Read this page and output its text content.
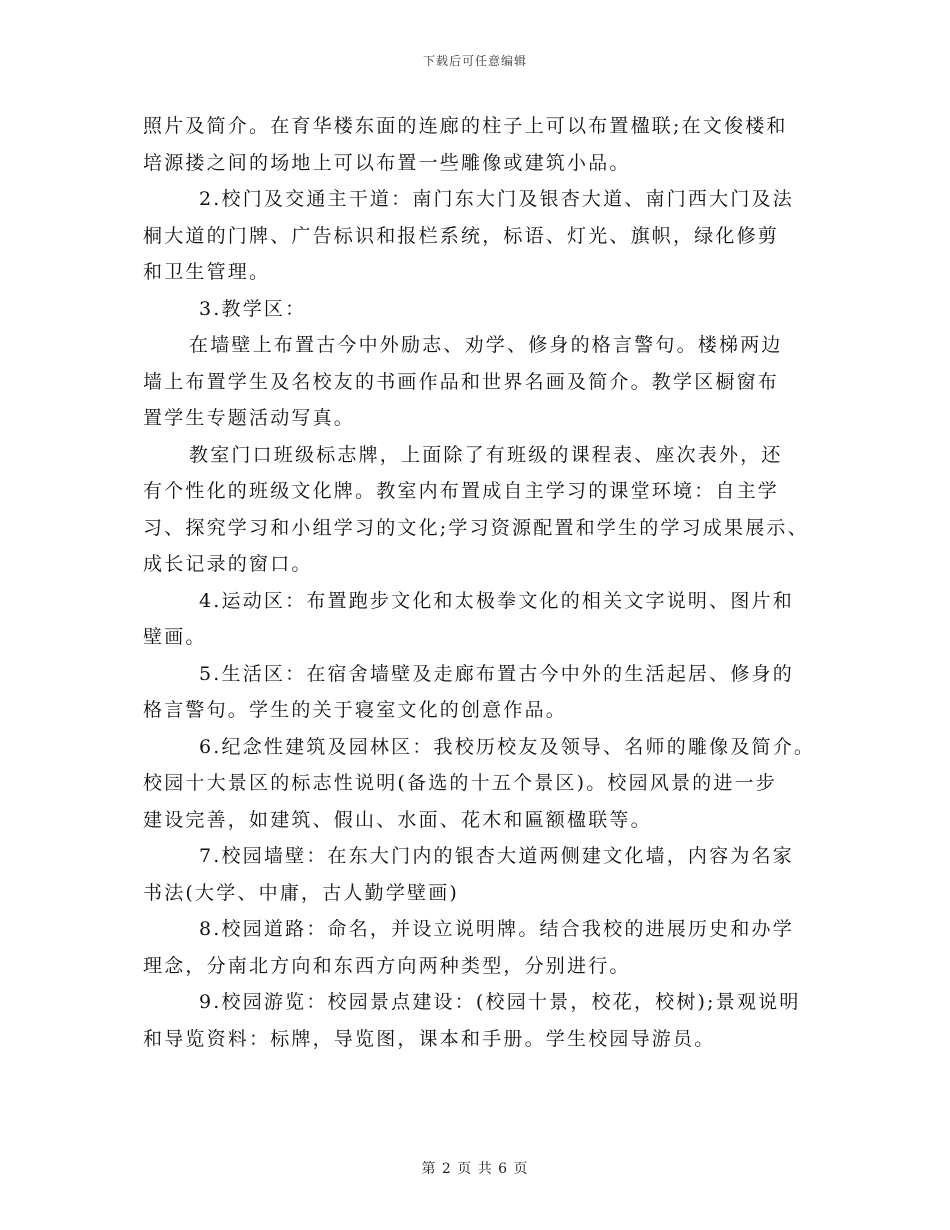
下载后可任意编辑
照片及简介。在育华楼东面的连廊的柱子上可以布置楹联;在文俊楼和
培源搂之间的场地上可以布置一些雕像或建筑小品。
2.校门及交通主干道：南门东大门及银杏大道、南门西大门及法
桐大道的门牌、广告标识和报栏系统，标语、灯光、旗帜，绿化修剪
和卫生管理。
3.教学区：
在墙壁上布置古今中外励志、劝学、修身的格言警句。楼梯两边
墙上布置学生及名校友的书画作品和世界名画及简介。教学区橱窗布
置学生专题活动写真。
教室门口班级标志牌，上面除了有班级的课程表、座次表外，还
有个性化的班级文化牌。教室内布置成自主学习的课堂环境：自主学
习、探究学习和小组学习的文化;学习资源配置和学生的学习成果展示、
成长记录的窗口。
4.运动区：布置跑步文化和太极拳文化的相关文字说明、图片和
壁画。
5.生活区：在宿舍墙壁及走廊布置古今中外的生活起居、修身的
格言警句。学生的关于寝室文化的创意作品。
6.纪念性建筑及园林区：我校历校友及领导、名师的雕像及简介。
校园十大景区的标志性说明(备选的十五个景区)。校园风景的进一步
建设完善，如建筑、假山、水面、花木和匾额楹联等。
7.校园墙壁：在东大门内的银杏大道两侧建文化墙，内容为名家
书法(大学、中庸，古人勤学壁画)
8.校园道路：命名，并设立说明牌。结合我校的进展历史和办学
理念，分南北方向和东西方向两种类型，分别进行。
9.校园游览：校园景点建设：(校园十景，校花，校树);景观说明
和导览资料：标牌，导览图，课本和手册。学生校园导游员。
第 2 页 共 6 页
